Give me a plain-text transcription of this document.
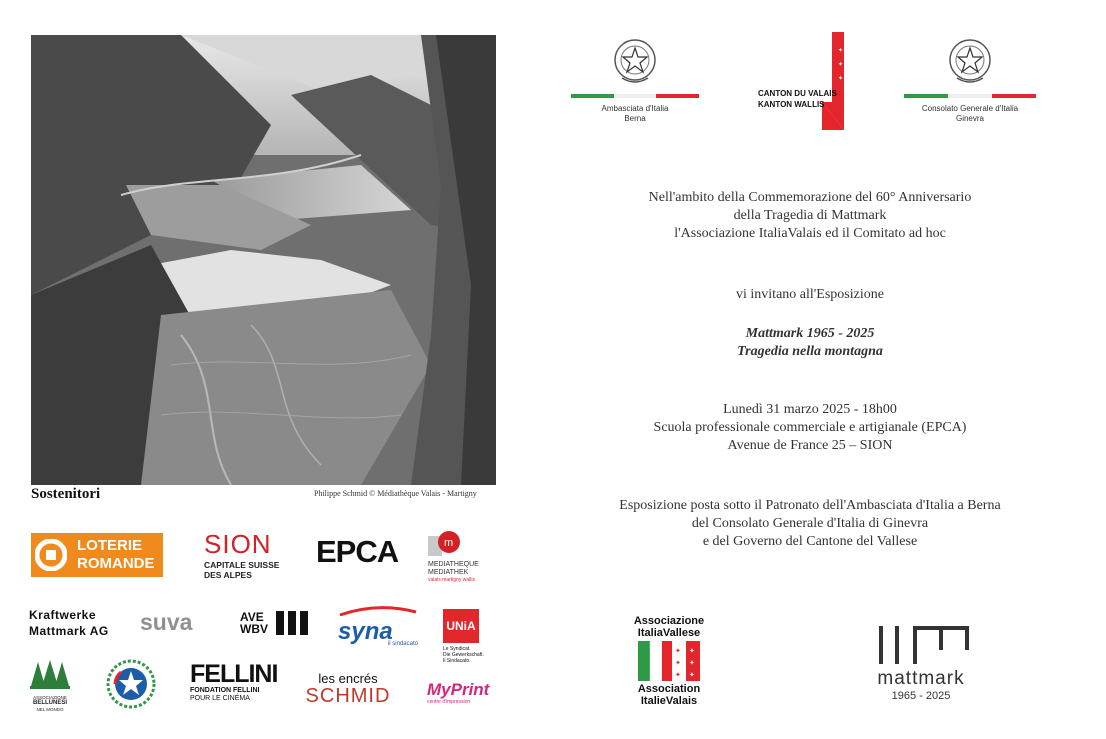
Sostenitori	Philippe Schmid © Médiathèque Valais - Martigny
Ambasciata d'Italia
Berna
✦
✦
✦
CANTON DU VALAIS
KANTON WALLIS	Consolato Generale d'Italia
Ginevra
Nell'ambito della Commemorazione del 60° Anniversario
della Tragedia di Mattmark
l'Associazione ItaliaValais ed il Comitato ad hoc
vi invitano all'Esposizione
Mattmark 1965 - 2025
Tragedia nella montagna
Lunedì 31 marzo 2025 - 18h00
Scuola professionale commerciale e artigianale (EPCA)
Avenue de France 25 – SION
Esposizione posta sotto il Patronato dell'Ambasciata d'Italia a Berna
del Consolato Generale d'Italia di Ginevra
e del Governo del Cantone del Vallese
LOTERIE
ROMANDE
SION
CAPITALE SUISSE
DES ALPES
EPCA	m
MEDIATHEQUE
MEDIATHEK
valais martigny wallis
Kraftwerke
Mattmark AG suva	AVE
WBV	syna
il sindacato
UNiA
Le Syndicat.
Die Gewerkschaft.
Il Sindacato.
ASSOCIAZIONE
BELLUNESI
NEL MONDO
FELLINI
FONDATION FELLINI
POUR LE CINÉMA
les encrés
SCHMID	MyPrint
centre d'impression
Associazione
ItaliaVallese
✦
✦
✦
✦
✦
✦
Association
ItalieValais
mattmark
1965 - 2025
